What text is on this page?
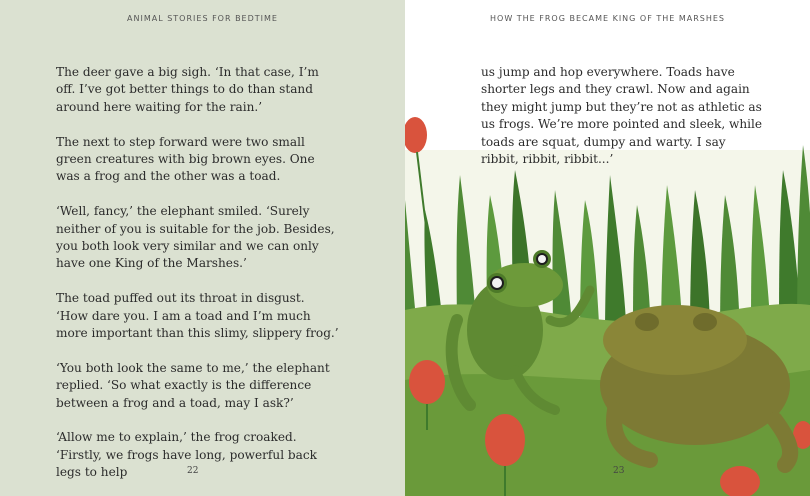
ANIMAL STORIES FOR BEDTIME

The deer gave a big sigh. ‘In that case, I’m off. I’ve got better things to do than stand around here waiting for the rain.’

The next to step forward were two small green creatures with big brown eyes. One was a frog and the other was a toad.

‘Well, fancy,’ the elephant smiled. ‘Surely neither of you is suitable for the job. Besides, you both look very similar and we can only have one King of the Marshes.’

The toad puffed out its throat in disgust. ‘How dare you. I am a toad and I’m much more important than this slimy, slippery frog.’

‘You both look the same to me,’ the elephant replied. ‘So what exactly is the difference between a frog and a toad, may I ask?’

‘Allow me to explain,’ the frog croaked. ‘Firstly, we frogs have long, powerful back legs to help	22
HOW THE FROG BECAME KING OF THE MARSHES

us jump and hop everywhere. Toads have shorter legs and they crawl. Now and again they might jump but they’re not as athletic as us frogs. We’re more pointed and sleek, while toads are squat, dumpy and warty. I say ribbit, ribbit, ribbit...’

23
